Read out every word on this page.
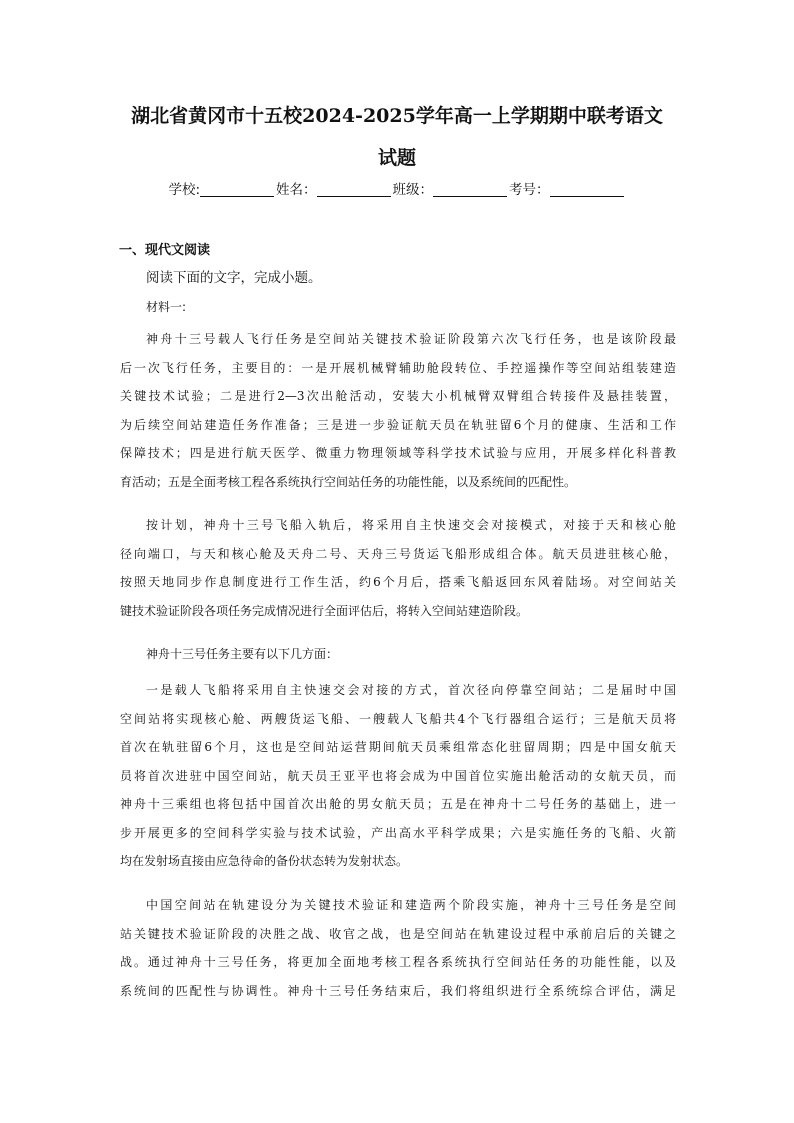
湖北省黄冈市十五校2024-2025学年高一上学期期中联考语文
试题
学校:	姓名：	班级：	考号：
一、现代文阅读
阅读下面的文字，完成小题。
材料一:
神舟十三号载人飞行任务是空间站关键技术验证阶段第六次飞行任务，也是该阶段最
后一次飞行任务，主要目的：一是开展机械臂辅助舱段转位、手控遥操作等空间站组装建造
关键技术试验；二是进行2—3次出舱活动，安装大小机械臂双臂组合转接件及悬挂装置，
为后续空间站建造任务作准备；三是进一步验证航天员在轨驻留6个月的健康、生活和工作
保障技术；四是进行航天医学、微重力物理领域等科学技术试验与应用，开展多样化科普教
育活动；五是全面考核工程各系统执行空间站任务的功能性能，以及系统间的匹配性。
按计划，神舟十三号飞船入轨后，将采用自主快速交会对接模式，对接于天和核心舱
径向端口，与天和核心舱及天舟二号、天舟三号货运飞船形成组合体。航天员进驻核心舱，
按照天地同步作息制度进行工作生活，约6个月后，搭乘飞船返回东风着陆场。对空间站关
键技术验证阶段各项任务完成情况进行全面评估后，将转入空间站建造阶段。
神舟十三号任务主要有以下几方面：
一是载人飞船将采用自主快速交会对接的方式，首次径向停靠空间站；二是届时中国
空间站将实现核心舱、两艘货运飞船、一艘载人飞船共4个飞行器组合运行；三是航天员将
首次在轨驻留6个月，这也是空间站运营期间航天员乘组常态化驻留周期；四是中国女航天
员将首次进驻中国空间站，航天员王亚平也将会成为中国首位实施出舱活动的女航天员，而
神舟十三乘组也将包括中国首次出舱的男女航天员；五是在神舟十二号任务的基础上，进一
步开展更多的空间科学实验与技术试验，产出高水平科学成果；六是实施任务的飞船、火箭
均在发射场直接由应急待命的备份状态转为发射状态。
中国空间站在轨建设分为关键技术验证和建造两个阶段实施，神舟十三号任务是空间
站关键技术验证阶段的决胜之战、收官之战，也是空间站在轨建设过程中承前启后的关键之
战。通过神舟十三号任务，将更加全面地考核工程各系统执行空间站任务的功能性能，以及
系统间的匹配性与协调性。神舟十三号任务结束后，我们将组织进行全系统综合评估，满足
